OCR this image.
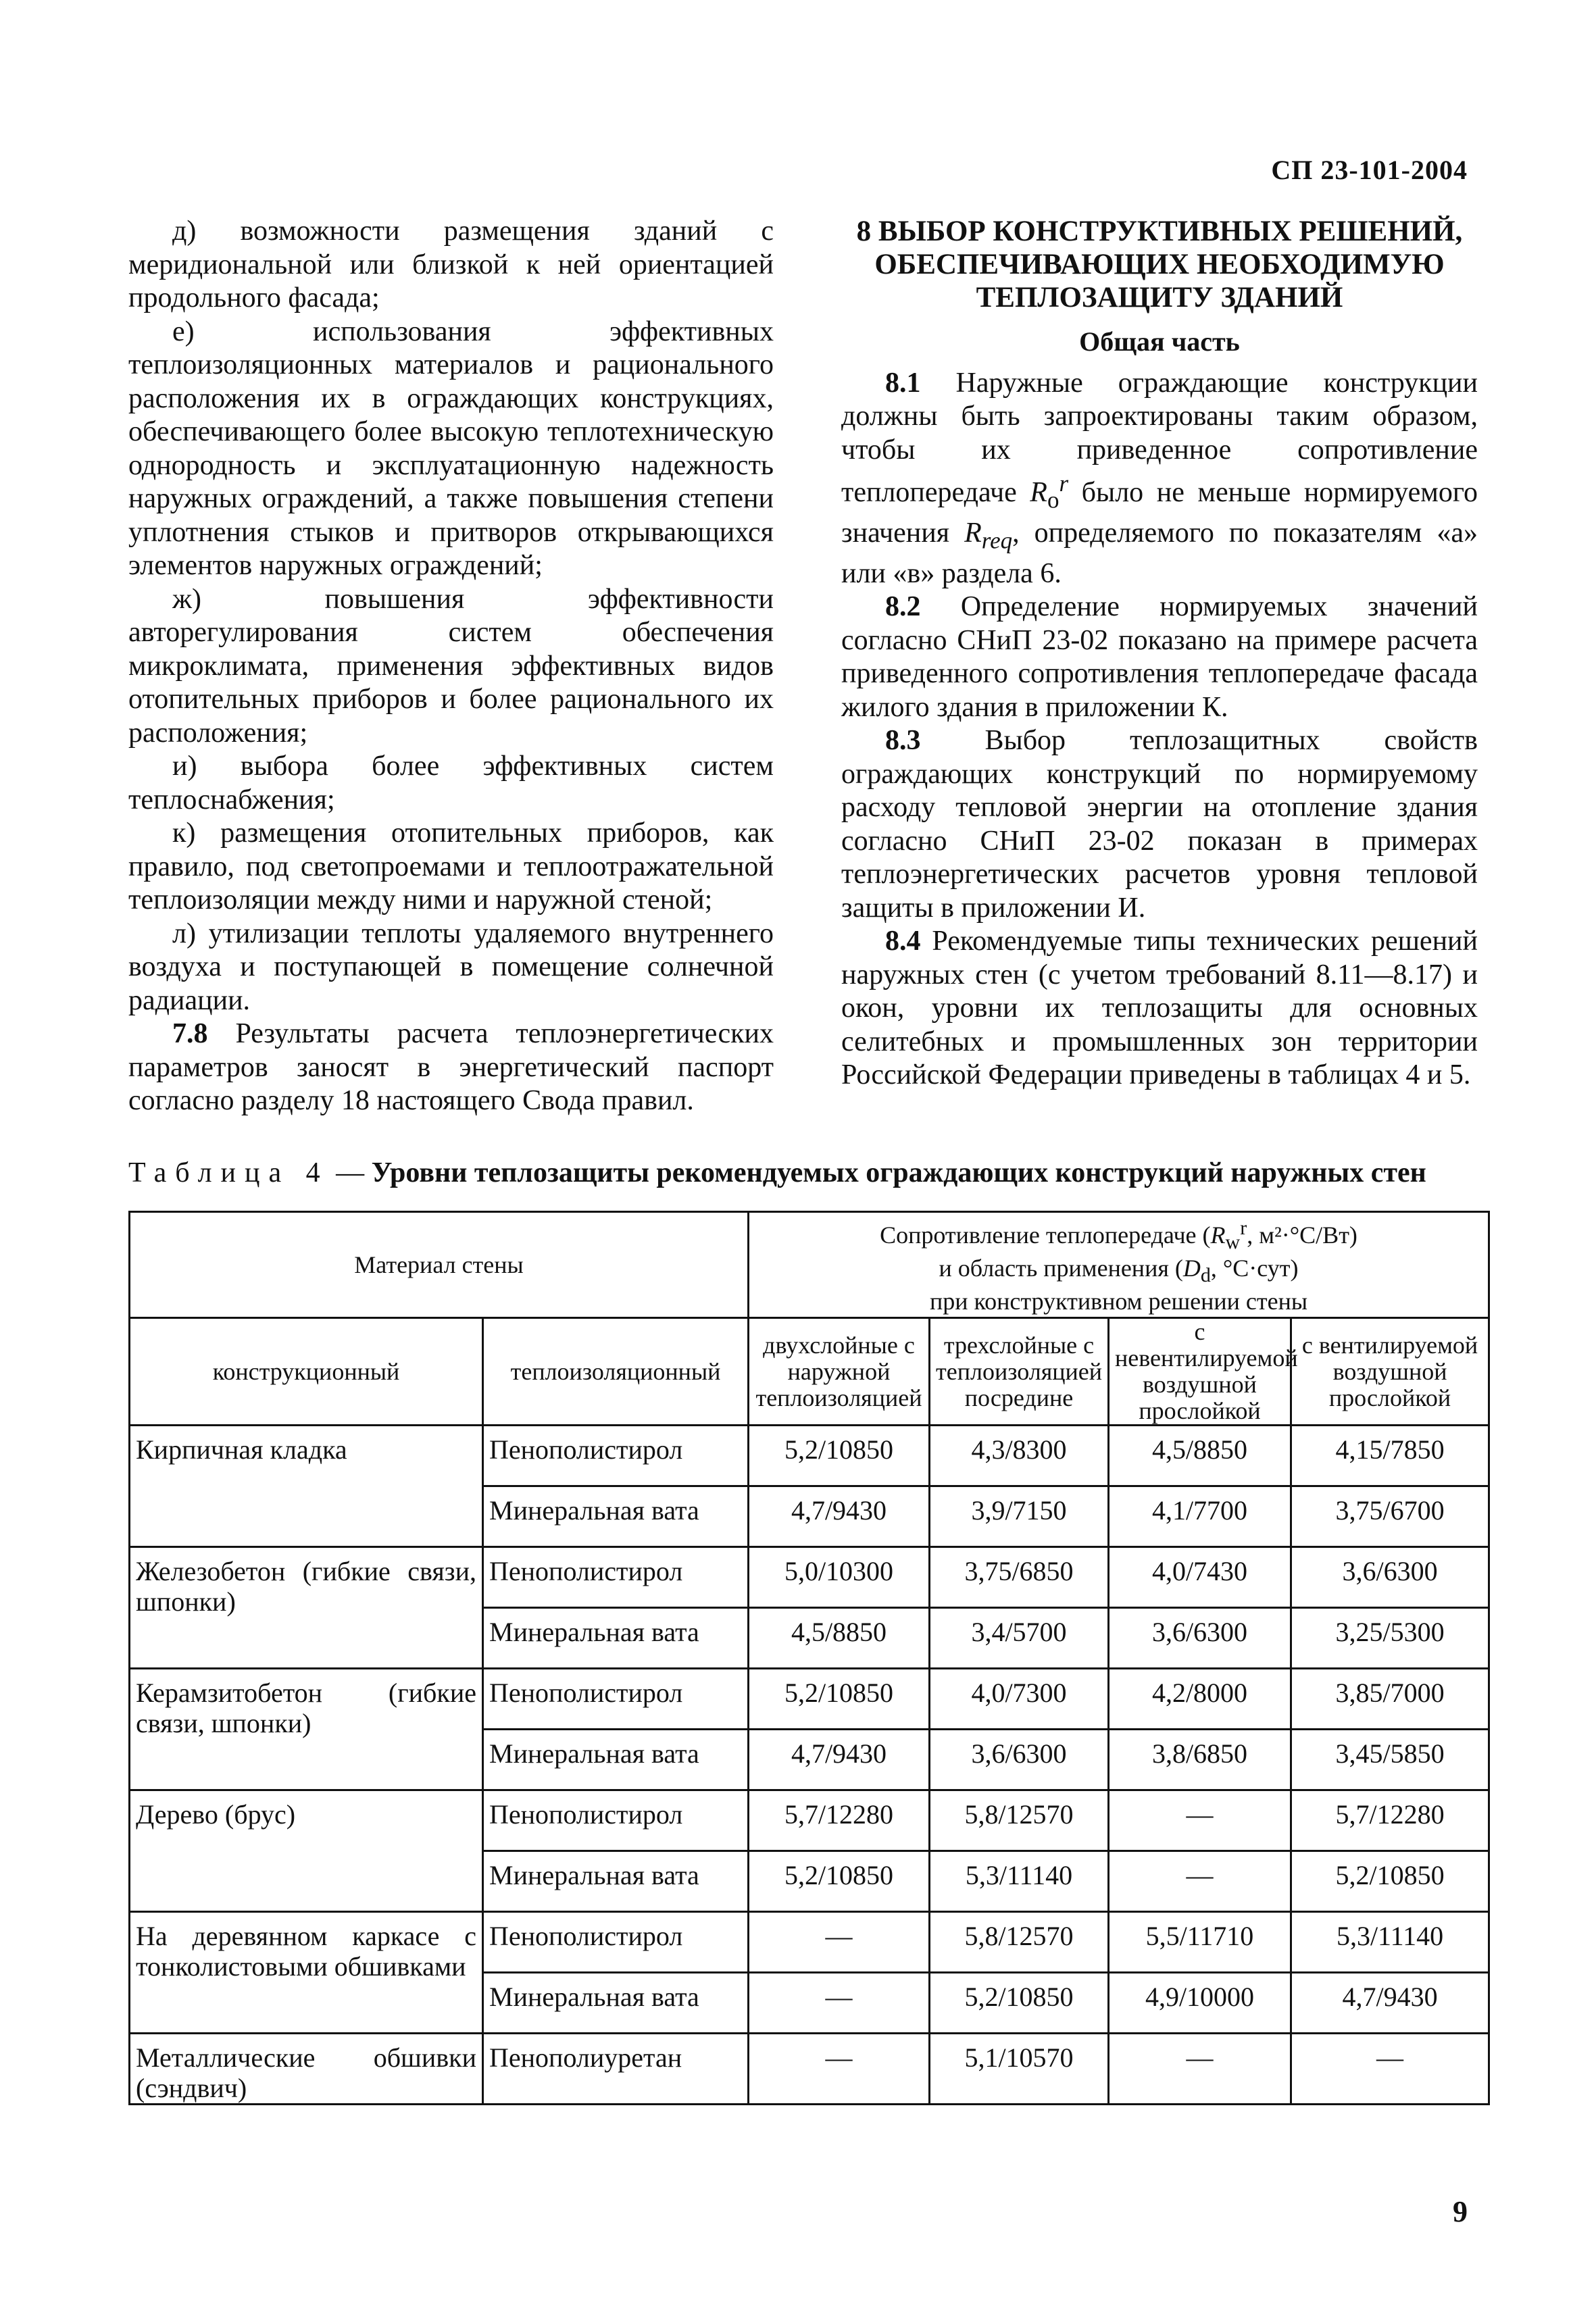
СП 23-101-2004

д) возможности размещения зданий с меридиональной или близкой к ней ориентацией продольного фасада;

е) использования эффективных теплоизоляционных материалов и рационального расположения их в ограждающих конструкциях, обеспечивающего более высокую теплотехническую однородность и эксплуатационную надежность наружных ограждений, а также повышения степени уплотнения стыков и притворов открывающихся элементов наружных ограждений;

ж) повышения эффективности авторегулирования систем обеспечения микроклимата, применения эффективных видов отопительных приборов и более рационального их расположения;

и) выбора более эффективных систем теплоснабжения;

к) размещения отопительных приборов, как правило, под светопроемами и теплоотражательной теплоизоляции между ними и наружной стеной;

л) утилизации теплоты удаляемого внутреннего воздуха и поступающей в помещение солнечной радиации.

7.8 Результаты расчета теплоэнергетических параметров заносят в энергетический паспорт согласно разделу 18 настоящего Свода правил.

8 ВЫБОР КОНСТРУКТИВНЫХ РЕШЕНИЙ,
ОБЕСПЕЧИВАЮЩИХ НЕОБХОДИМУЮ
ТЕПЛОЗАЩИТУ ЗДАНИЙ
Общая часть

8.1 Наружные ограждающие конструкции должны быть запроектированы таким образом, чтобы их приведенное сопротивление теплопередаче $R_o^r$ было не меньше нормируемого значения $R_{req}$, определяемого по показателям «а» или «в» раздела 6.

8.2 Определение нормируемых значений согласно СНиП 23-02 показано на примере расчета приведенного сопротивления теплопередаче фасада жилого здания в приложении К.

8.3 Выбор теплозащитных свойств ограждающих конструкций по нормируемому расходу тепловой энергии на отопление здания согласно СНиП 23-02 показан в примерах теплоэнергетических расчетов уровня тепловой защиты в приложении И.

8.4 Рекомендуемые типы технических решений наружных стен (с учетом требований 8.11—8.17) и окон, уровни их теплозащиты для основных селитебных и промышленных зон территории Российской Федерации приведены в таблицах 4 и 5.

Таблица 4 — Уровни теплозащиты рекомендуемых ограждающих конструкций наружных стен
Материал стены		Сопротивление теплопередаче ($R_w^r$, м²·°С/Вт)
и область применения ($D_d$, °С·сут)
при конструктивном решении стены			
конструкционный	теплоизоляционный	двухслойные с наружной теплоизоляцией	трехслойные с теплоизоляцией посредине	с невентилируемой воздушной прослойкой	с вентилируемой воздушной прослойкой
Кирпичная кладка	Пенополистирол	5,2/10850	4,3/8300	4,5/8850	4,15/7850
	Минеральная вата	4,7/9430	3,9/7150	4,1/7700	3,75/6700
Железобетон (гибкие связи, шпонки)	Пенополистирол	5,0/10300	3,75/6850	4,0/7430	3,6/6300
	Минеральная вата	4,5/8850	3,4/5700	3,6/6300	3,25/5300
Керамзитобетон (гибкие связи, шпонки)	Пенополистирол	5,2/10850	4,0/7300	4,2/8000	3,85/7000
	Минеральная вата	4,7/9430	3,6/6300	3,8/6850	3,45/5850
Дерево (брус)	Пенополистирол	5,7/12280	5,8/12570	—	5,7/12280
	Минеральная вата	5,2/10850	5,3/11140	—	5,2/10850
На деревянном каркасе с тонколистовыми обшивками	Пенополистирол	—	5,8/12570	5,5/11710	5,3/11140
	Минеральная вата	—	5,2/10850	4,9/10000	4,7/9430
Металлические обшивки (сэндвич)	Пенополиуретан	—	5,1/10570	—	—
9
